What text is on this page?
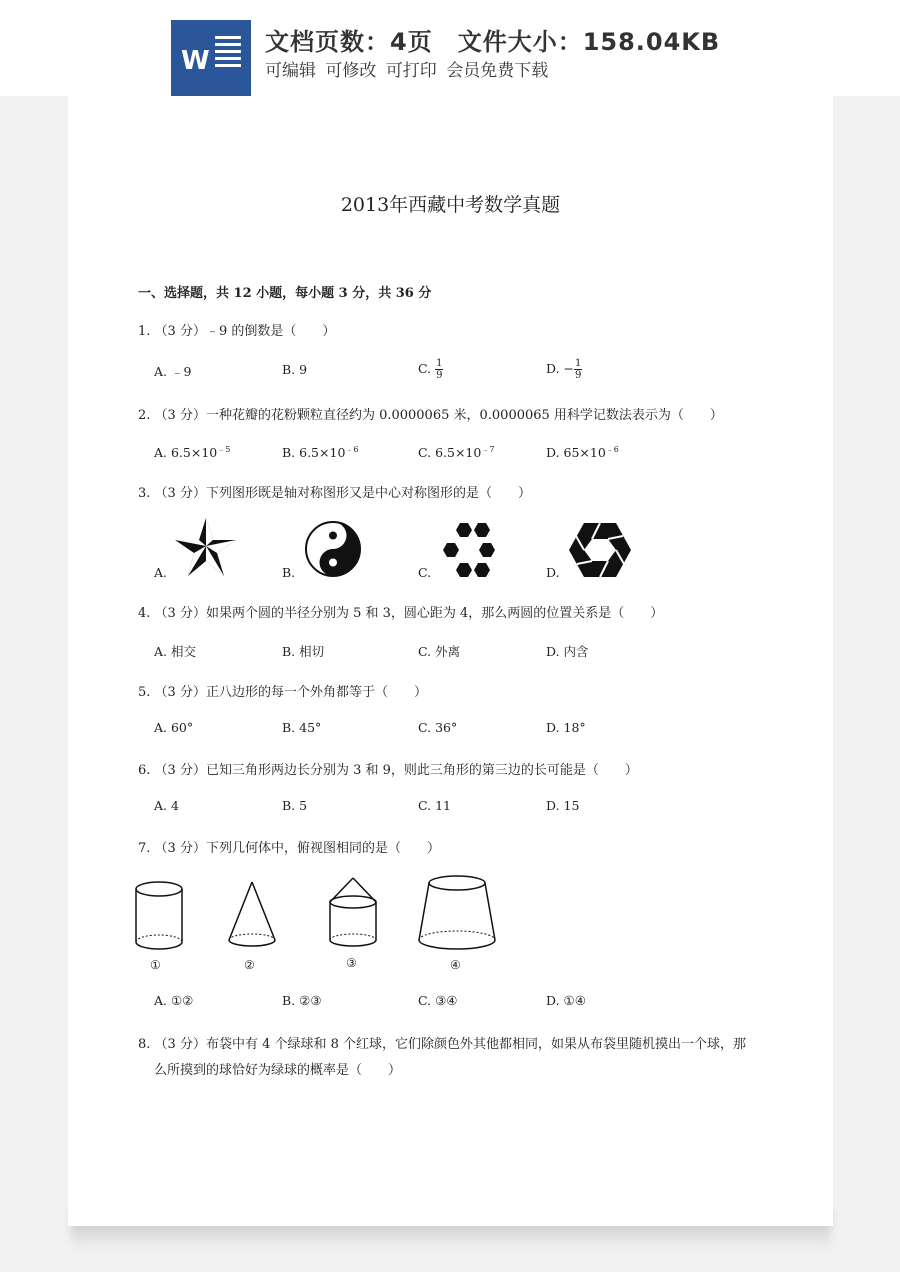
W
文档页数：4页　文件大小：158.04KB
可编辑 可修改 可打印 会员免费下载
2013年西藏中考数学真题
一、选择题，共 12 小题，每小题 3 分，共 36 分
1. （3 分）﹣9 的倒数是（　　）
A. ﹣9	B. 9	C. $\frac{1}{9}$	D. − $\frac{1}{9}$
2. （3 分）一种花瓣的花粉颗粒直径约为 0.0000065 米，0.0000065 用科学记数法表示为（　　）
A. $6.5\times 10^{﹣5}$	B. $6.5\times 10^{﹣6}$	C. $6.5\times 10^{﹣7}$	D. $65\times 10^{﹣6}$
3. （3 分）下列图形既是轴对称图形又是中心对称图形的是（　　）
A.	B.	C.	D.
4. （3 分）如果两个圆的半径分别为 5 和 3，圆心距为 4，那么两圆的位置关系是（　　）
A. 相交	B. 相切	C. 外离	D. 内含
5. （3 分）正八边形的每一个外角都等于（　　）
A. 60°	B. 45°	C. 36°	D. 18°
6. （3 分）已知三角形两边长分别为 3 和 9，则此三角形的第三边的长可能是（　　）
A. 4	B. 5	C. 11	D. 15
7. （3 分）下列几何体中，俯视图相同的是（　　）
①	②	③	④
A. ①②	B. ②③	C. ③④	D. ①④
8. （3 分）布袋中有 4 个绿球和 8 个红球，它们除颜色外其他都相同，如果从布袋里随机摸出一个球，那
么所摸到的球恰好为绿球的概率是（　　）
